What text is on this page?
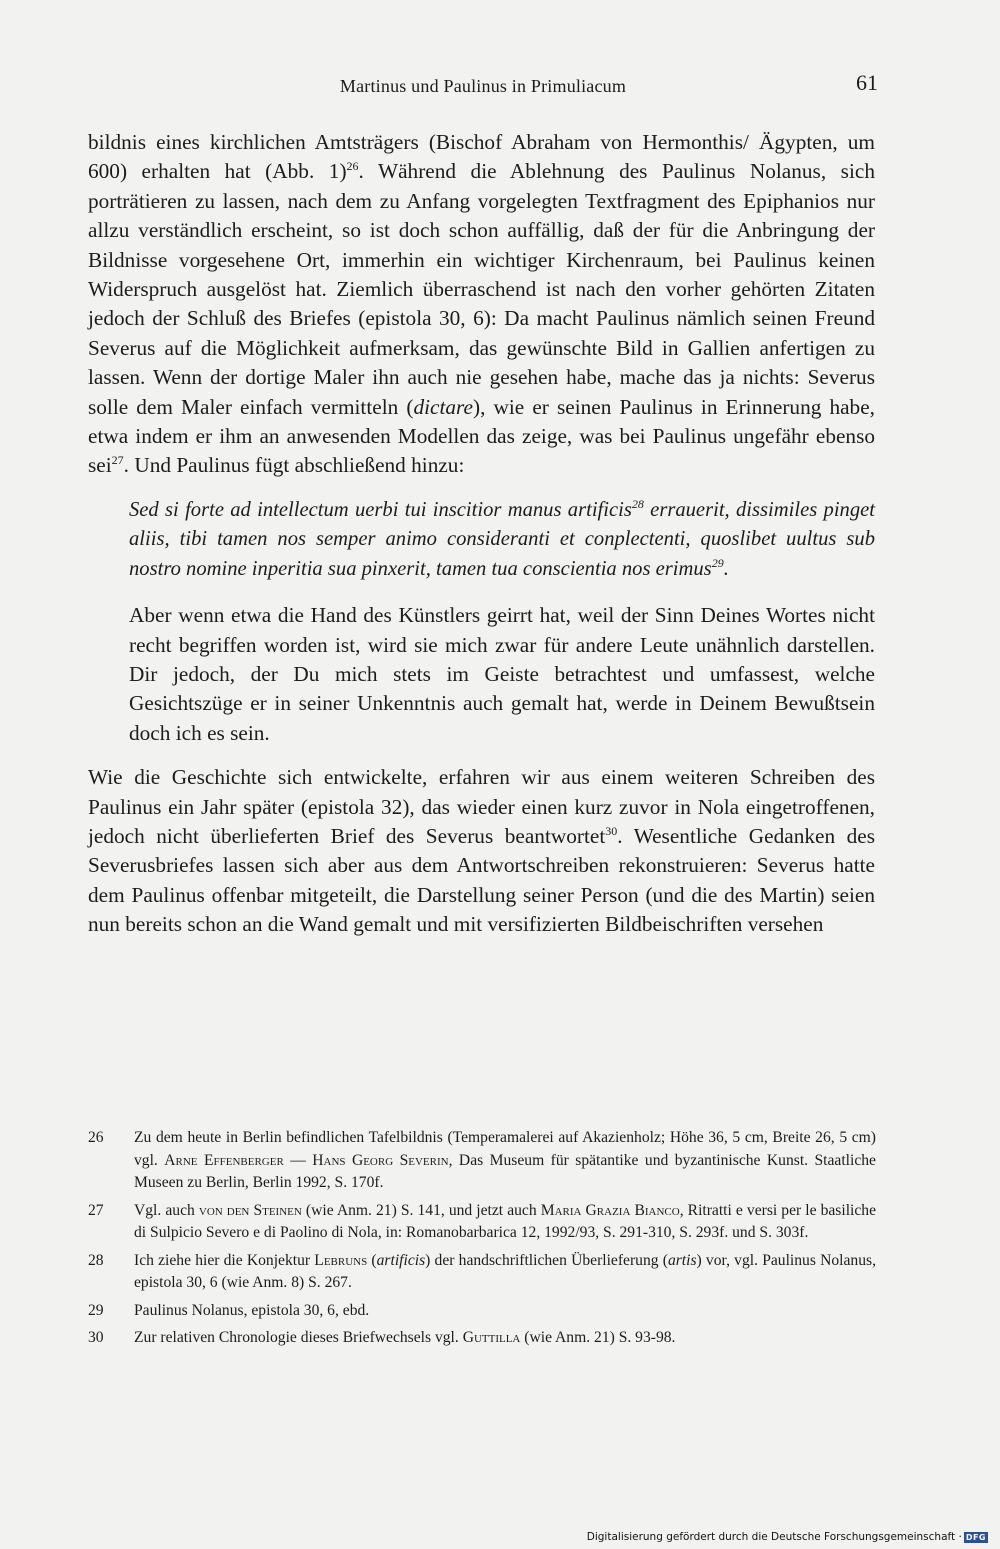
Martinus und Paulinus in Primuliacum	61

bildnis eines kirchlichen Amtsträgers (Bischof Abraham von Hermonthis/ Ägypten, um 600) erhalten hat (Abb. 1)$^{26}$. Während die Ablehnung des Paulinus Nolanus, sich porträtieren zu lassen, nach dem zu Anfang vorgelegten Textfragment des Epiphanios nur allzu verständlich erscheint, so ist doch schon auffällig, daß der für die Anbringung der Bildnisse vorgesehene Ort, immerhin ein wichtiger Kirchenraum, bei Paulinus keinen Widerspruch ausgelöst hat. Ziemlich überraschend ist nach den vorher gehörten Zitaten jedoch der Schluß des Briefes (epistola 30, 6): Da macht Paulinus nämlich seinen Freund Severus auf die Möglichkeit aufmerksam, das gewünschte Bild in Gallien anfertigen zu lassen. Wenn der dortige Maler ihn auch nie gesehen habe, mache das ja nichts: Severus solle dem Maler einfach vermitteln (dictare), wie er seinen Paulinus in Erinnerung habe, etwa indem er ihm an anwesenden Modellen das zeige, was bei Paulinus ungefähr ebenso sei$^{27}$. Und Paulinus fügt abschließend hinzu:

Sed si forte ad intellectum uerbi tui inscitior manus artificis$^{28}$ errauerit, dissimiles pinget aliis, tibi tamen nos semper animo consideranti et conplectenti, quoslibet uultus sub nostro nomine inperitia sua pinxerit, tamen tua conscientia nos erimus$^{29}$.

Aber wenn etwa die Hand des Künstlers geirrt hat, weil der Sinn Deines Wortes nicht recht begriffen worden ist, wird sie mich zwar für andere Leute unähnlich darstellen. Dir jedoch, der Du mich stets im Geiste betrachtest und umfassest, welche Gesichtszüge er in seiner Unkenntnis auch gemalt hat, werde in Deinem Bewußtsein doch ich es sein.

Wie die Geschichte sich entwickelte, erfahren wir aus einem weiteren Schreiben des Paulinus ein Jahr später (epistola 32), das wieder einen kurz zuvor in Nola eingetroffenen, jedoch nicht überlieferten Brief des Severus beantwortet$^{30}$. Wesentliche Gedanken des Severusbriefes lassen sich aber aus dem Antwortschreiben rekonstruieren: Severus hatte dem Paulinus offenbar mitgeteilt, die Darstellung seiner Person (und die des Martin) seien nun bereits schon an die Wand gemalt und mit versifizierten Bildbeischriften versehen

26	Zu dem heute in Berlin befindlichen Tafelbildnis (Temperamalerei auf Akazienholz; Höhe 36, 5 cm, Breite 26, 5 cm) vgl. Arne Effenberger — Hans Georg Severin, Das Museum für spätantike und byzantinische Kunst. Staatliche Museen zu Berlin, Berlin 1992, S. 170f.
27	Vgl. auch von den Steinen (wie Anm. 21) S. 141, und jetzt auch Maria Grazia Bianco, Ritratti e versi per le basiliche di Sulpicio Severo e di Paolino di Nola, in: Romanobarbarica 12, 1992/93, S. 291-310, S. 293f. und S. 303f.
28	Ich ziehe hier die Konjektur Lebruns (artificis) der handschriftlichen Überlieferung (artis) vor, vgl. Paulinus Nolanus, epistola 30, 6 (wie Anm. 8) S. 267.
29	Paulinus Nolanus, epistola 30, 6, ebd.
30	Zur relativen Chronologie dieses Briefwechsels vgl. Guttilla (wie Anm. 21) S. 93-98.
Digitalisierung gefördert durch die Deutsche Forschungsgemeinschaft · DFG
